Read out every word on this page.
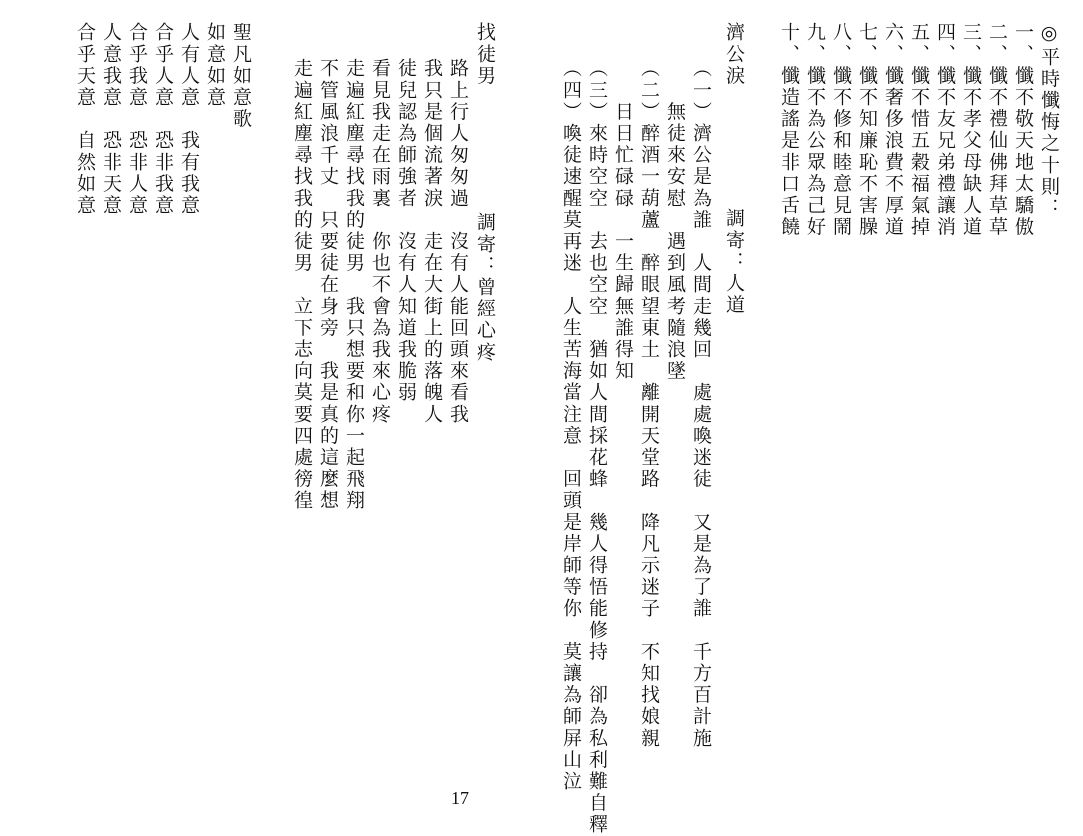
◎平時懺悔之十則：
一、懺不敬天地太驕傲
二、懺不禮仙佛拜草草
三、懺不孝父母缺人道
四、懺不友兄弟禮讓消
五、懺不惜五穀福氣掉
六、懺奢侈浪費不厚道
七、懺不知廉恥不害臊
八、懺不修和睦意見鬧
九、懺不為公眾為己好
十、懺造謠是非口舌饒
濟公淚
調寄：人道
（一）濟公是為誰　人間走幾回　處處喚迷徒　又是為了誰　千方百計施
　　無徒來安慰　遇到風考隨浪墜
（二）醉酒一葫蘆　醉眼望東土　離開天堂路　降凡示迷子　不知找娘親
　　日日忙碌碌　一生歸無誰得知
（三）來時空空　去也空空　猶如人間採花蜂　幾人得悟能修持　卻為私利難自釋
（四）喚徒速醒莫再迷　人生苦海當注意　回頭是岸師等你　莫讓為師屏山泣
找徒男
調寄：曾經心疼
路上行人匆匆過　沒有人能回頭來看我
我只是個流著淚　走在大街上的落魄人
徒兒認為師強者　沒有人知道我脆弱
看見我走在雨裏　你也不會為我來心疼
走遍紅塵尋找我的徒男　我只想要和你一起飛翔
不管風浪千丈　只要徒在身旁　我是真的這麼想
走遍紅塵尋找我的徒男　立下志向莫要四處徬徨
聖凡如意歌
如意如意
人有人意　我有我意
合乎人意　恐非我意
合乎我意　恐非人意
人意我意　恐非天意
合乎天意　自然如意
17
